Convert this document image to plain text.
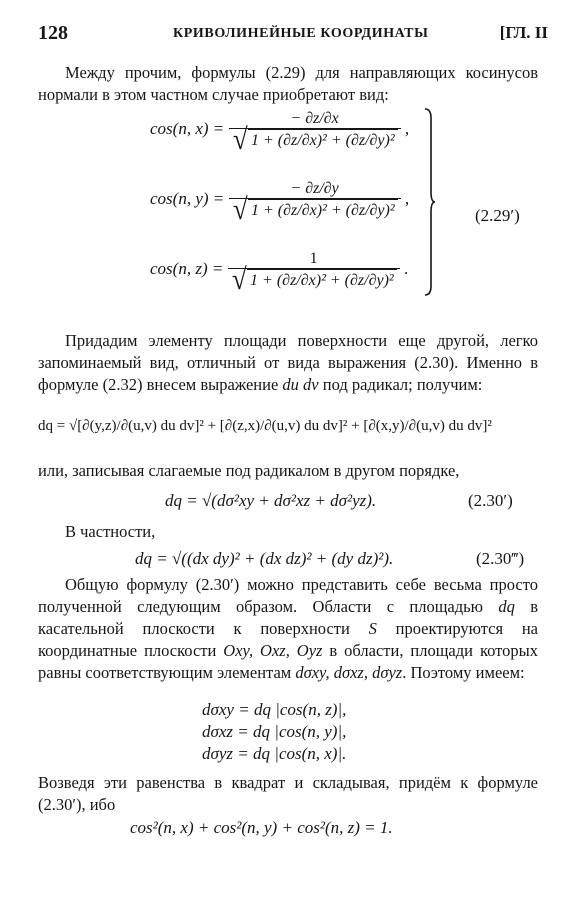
128	КРИВОЛИНЕЙНЫЕ КООРДИНАТЫ	[ГЛ. II

Между прочим, формулы (2.29) для направляющих косинусов нормали в этом частном случае приобретают вид:

cos(n, $x) = \frac{- \partial z/\partial x}{\text{√ 1 + (∂z/∂x)² + (∂z/∂y)²}}$ ,
cos(n, $y) = \frac{- \partial z/\partial y}{\text{√ 1 + (∂z/∂x)² + (∂z/∂y)²}}$ ,
cos(n, $z) = \frac{1}{\text{√ 1 + (∂z/∂x)² + (∂z/∂y)²}}$ .
(2.29′)

Придадим элементу площади поверхности еще другой, легко запоминаемый вид, отличный от вида выражения (2.30). Именно в формуле (2.32) внесем выражение du dv под радикал; получим:

dq = √[∂(y,z)/∂(u,v) du dv]² + [∂(z,x)/∂(u,v) du dv]² + [∂(x,y)/∂(u,v) du dv]²

или, записывая слагаемые под радикалом в другом порядке,

dq = √(dσ²xy + dσ²xz + dσ²yz).	(2.30′)

В частности,

dq = √((dx dy)² + (dx dz)² + (dy dz)²).	(2.30‴)

Общую формулу (2.30′) можно представить себе весьма просто полученной следующим образом. Области с площадью dq в касательной плоскости к поверхности S проектируются на координатные плоскости Oxy, Oxz, Oyz в области, площади которых равны соответствующим элементам dσxy, dσxz, dσyz. Поэтому имеем:

dσxy = dq |cos(n, z)|,
dσxz = dq |cos(n, y)|,
dσyz = dq |cos(n, x)|.

Возведя эти равенства в квадрат и складывая, придём к формуле (2.30′), ибо

cos²(n, x) + cos²(n, y) + cos²(n, z) = 1.
